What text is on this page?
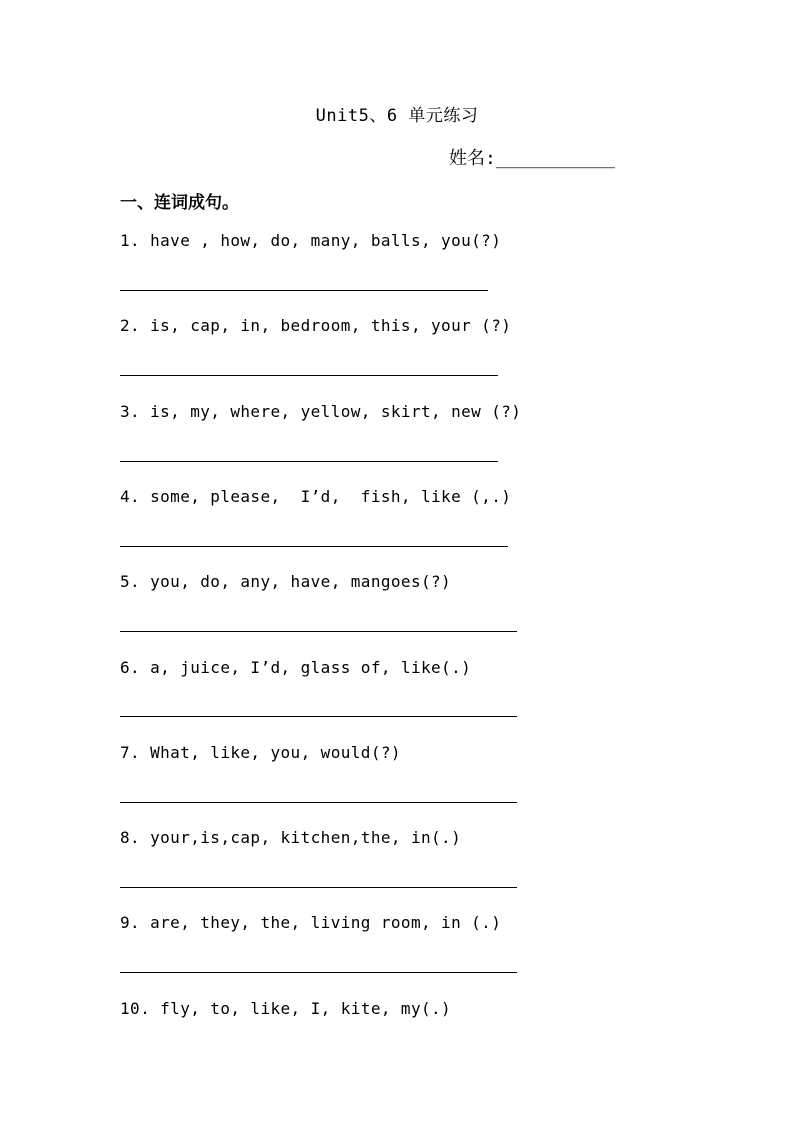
Unit5、6 单元练习
姓名:___________
一、连词成句。
1. have , how, do, many, balls, you(?)
2. is, cap, in, bedroom, this, your (?)
3. is, my, where, yellow, skirt, new (?)
4. some, please,  I’d,  fish, like (,.)
5. you, do, any, have, mangoes(?)
6. a, juice, I’d, glass of, like(.)
7. What, like, you, would(?)
8. your,is,cap, kitchen,the, in(.)
9. are, they, the, living room, in (.)
10. fly, to, like, I, kite, my(.)
